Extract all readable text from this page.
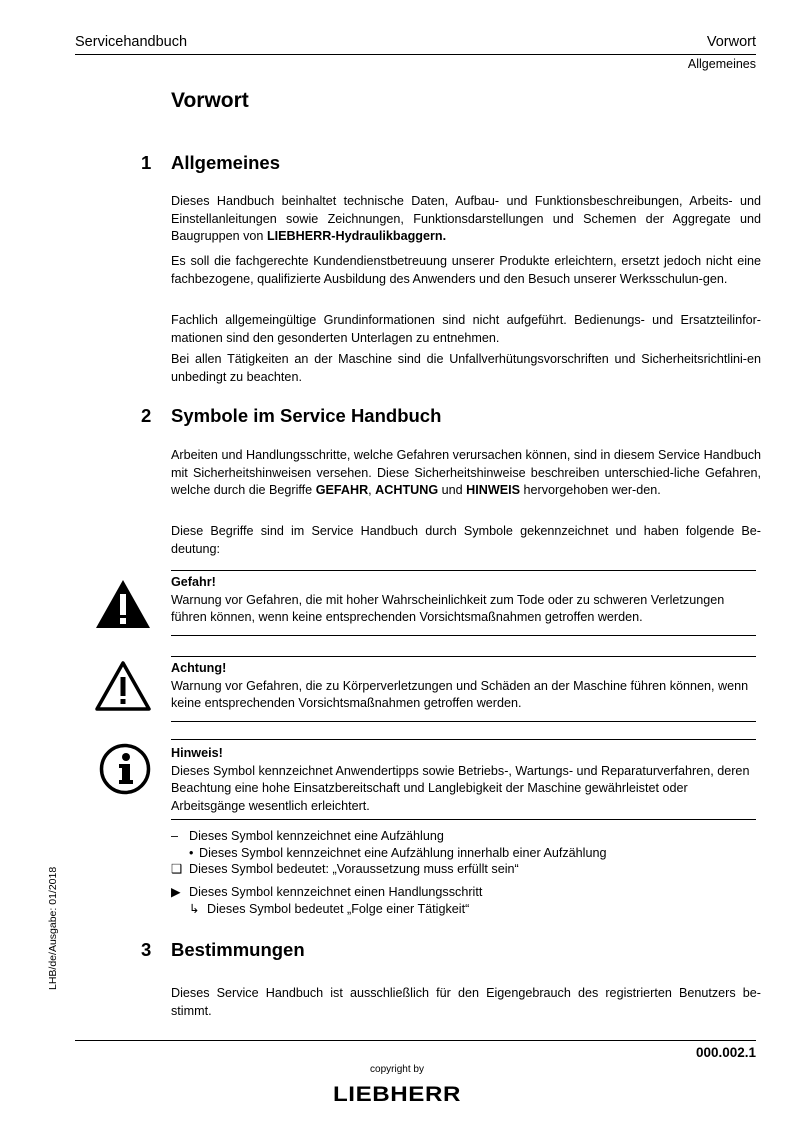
Servicehandbuch	Vorwort
Allgemeines
Vorwort
1 Allgemeines
Dieses Handbuch beinhaltet technische Daten, Aufbau- und Funktionsbeschreibungen, Arbeits- und Einstellanleitungen sowie Zeichnungen, Funktionsdarstellungen und Schemen der Aggregate und Baugruppen von LIEBHERR-Hydraulikbaggern.
Es soll die fachgerechte Kundendienstbetreuung unserer Produkte erleichtern, ersetzt jedoch nicht eine fachbezogene, qualifizierte Ausbildung des Anwenders und den Besuch unserer Werksschulun-gen.
Fachlich allgemeingültige Grundinformationen sind nicht aufgeführt. Bedienungs- und Ersatzteilinfor-mationen sind den gesonderten Unterlagen zu entnehmen.
Bei allen Tätigkeiten an der Maschine sind die Unfallverhütungsvorschriften und Sicherheitsrichtlini-en unbedingt zu beachten.
2 Symbole im Service Handbuch
Arbeiten und Handlungsschritte, welche Gefahren verursachen können, sind in diesem Service Handbuch mit Sicherheitshinweisen versehen. Diese Sicherheitshinweise beschreiben unterschied-liche Gefahren, welche durch die Begriffe GEFAHR, ACHTUNG und HINWEIS hervorgehoben wer-den.
Diese Begriffe sind im Service Handbuch durch Symbole gekennzeichnet und haben folgende Be-deutung:
Gefahr!
Warnung vor Gefahren, die mit hoher Wahrscheinlichkeit zum Tode oder zu schweren Verletzungen führen können, wenn keine entsprechenden Vorsichtsmaßnahmen getroffen werden.
Achtung!
Warnung vor Gefahren, die zu Körperverletzungen und Schäden an der Maschine führen können, wenn keine entsprechenden Vorsichtsmaßnahmen getroffen werden.
Hinweis!
Dieses Symbol kennzeichnet Anwendertipps sowie Betriebs-, Wartungs- und Reparaturverfahren, deren Beachtung eine hohe Einsatzbereitschaft und Langlebigkeit der Maschine gewährleistet oder Arbeitsgänge wesentlich erleichtert.
– Dieses Symbol kennzeichnet eine Aufzählung
• Dieses Symbol kennzeichnet eine Aufzählung innerhalb einer Aufzählung
❑ Dieses Symbol bedeutet: „Voraussetzung muss erfüllt sein“
▶ Dieses Symbol kennzeichnet einen Handlungsschritt
↳ Dieses Symbol bedeutet „Folge einer Tätigkeit“
3 Bestimmungen
Dieses Service Handbuch ist ausschließlich für den Eigengebrauch des registrierten Benutzers be-stimmt.
LHB/de/Ausgabe: 01/2018
000.002.1
copyright by
LIEBHERR
